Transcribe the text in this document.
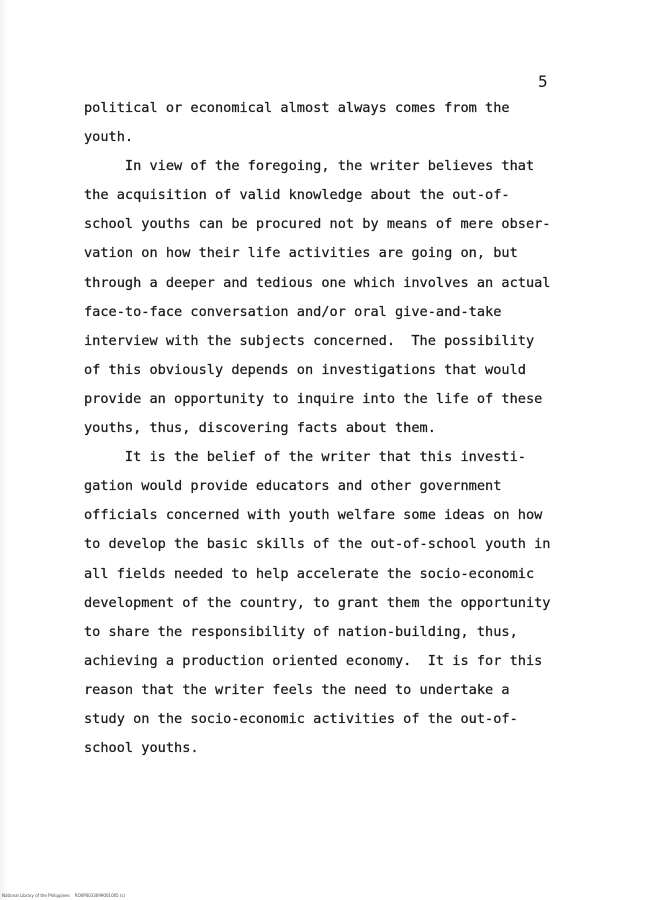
5
political or economical almost always comes from the
youth.
In view of the foregoing, the writer believes that
the acquisition of valid knowledge about the out-of-
school youths can be procured not by means of mere obser-
vation on how their life activities are going on, but
through a deeper and tedious one which involves an actual
face-to-face conversation and/or oral give-and-take
interview with the subjects concerned.  The possibility
of this obviously depends on investigations that would
provide an opportunity to inquire into the life of these
youths, thus, discovering facts about them.
It is the belief of the writer that this investi-
gation would provide educators and other government
officials concerned with youth welfare some ideas on how
to develop the basic skills of the out-of-school youth in
all fields needed to help accelerate the socio-economic
development of the country, to grant them the opportunity
to share the responsibility of nation-building, thus,
achieving a production oriented economy.  It is for this
reason that the writer feels the need to undertake a
study on the socio-economic activities of the out-of-
school youths.
National Library of the Philippines    ROXP0033099001005 (c)
